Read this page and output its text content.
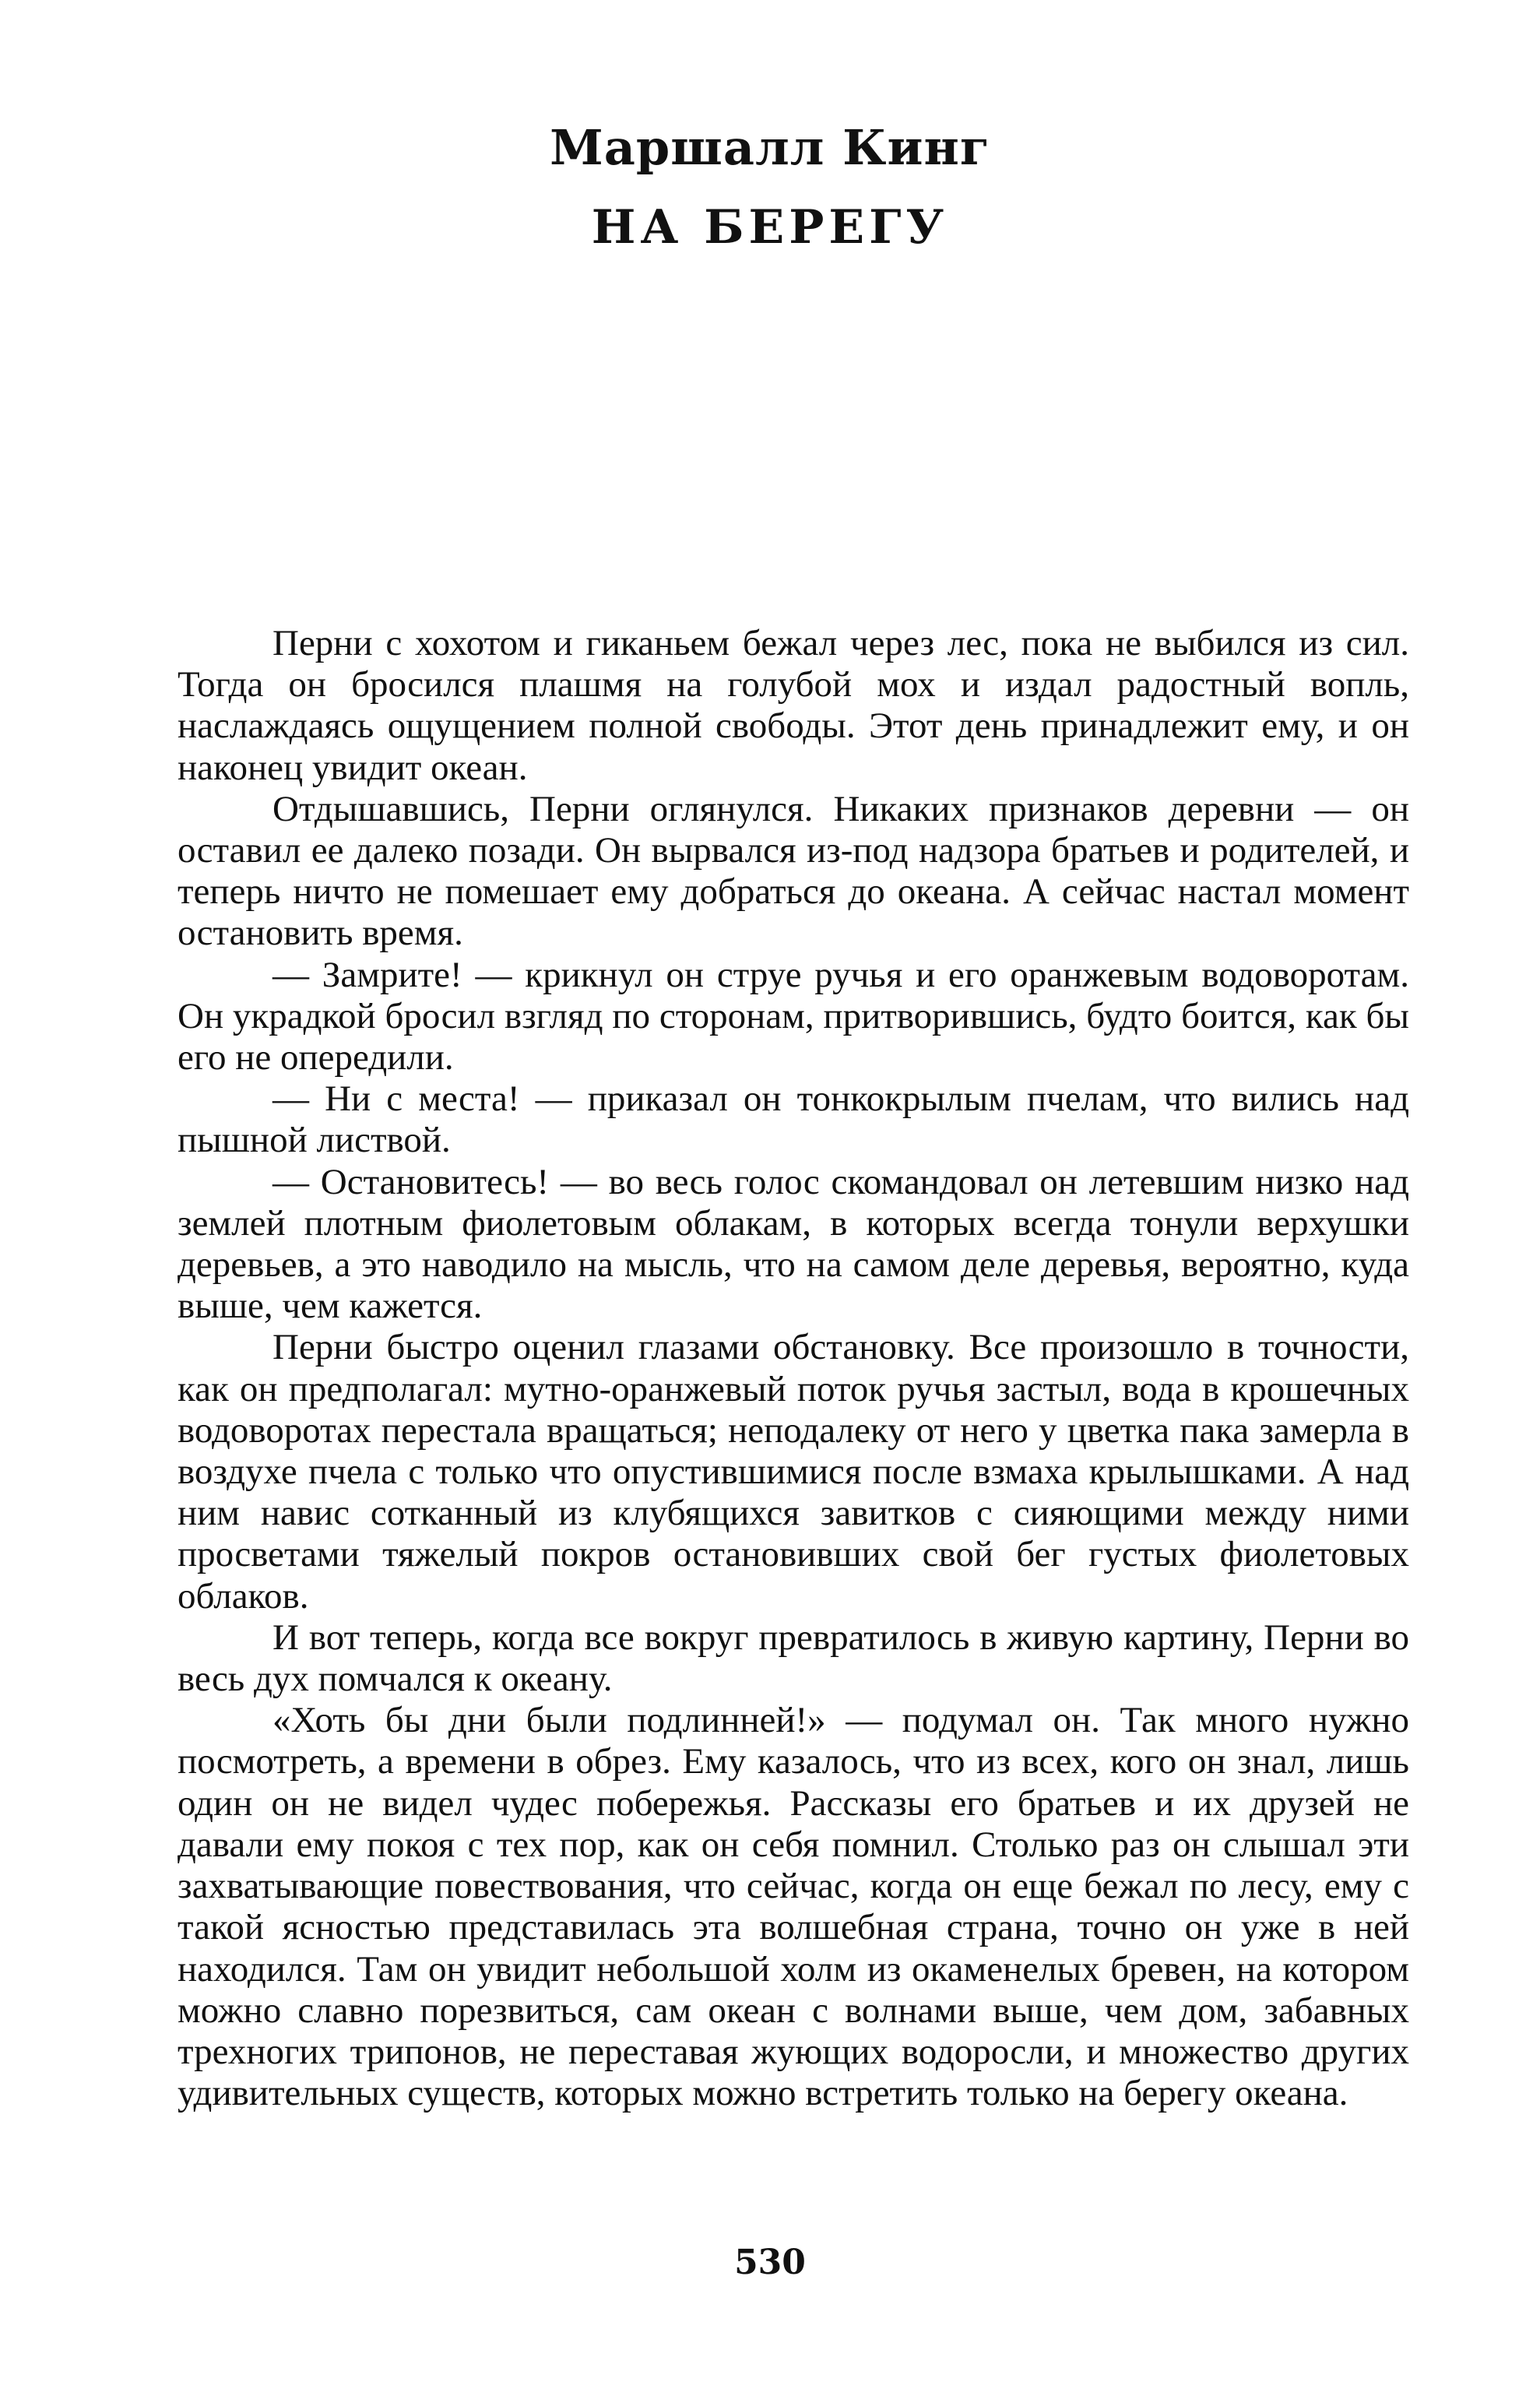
Маршалл Кинг
НА БЕРЕГУ

Перни с хохотом и гиканьем бежал через лес, пока не выбился из сил. Тогда он бросился плашмя на голубой мох и издал радостный вопль, наслаждаясь ощущением полной свободы. Этот день принадлежит ему, и он наконец увидит океан.

Отдышавшись, Перни оглянулся. Никаких признаков деревни — он оставил ее далеко позади. Он вырвался из-под надзора братьев и родителей, и теперь ничто не помешает ему добраться до океана. А сейчас настал момент остановить время.

— Замрите! — крикнул он струе ручья и его оранжевым водоворотам. Он украдкой бросил взгляд по сторонам, притворившись, будто боится, как бы его не опередили.

— Ни с места! — приказал он тонкокрылым пчелам, что вились над пышной листвой.

— Остановитесь! — во весь голос скомандовал он летевшим низко над землей плотным фиолетовым облакам, в которых всегда тонули верхушки деревьев, а это наводило на мысль, что на самом деле деревья, вероятно, куда выше, чем кажется.

Перни быстро оценил глазами обстановку. Все произошло в точности, как он предполагал: мутно-оранжевый поток ручья застыл, вода в крошечных водоворотах перестала вращаться; неподалеку от него у цветка пака замерла в воздухе пчела с только что опустившимися после взмаха крылышками. А над ним навис сотканный из клубящихся завитков с сияющими между ними просветами тяжелый покров остановивших свой бег густых фиолетовых облаков.

И вот теперь, когда все вокруг превратилось в живую картину, Перни во весь дух помчался к океану.

«Хоть бы дни были подлинней!» — подумал он. Так много нужно посмотреть, а времени в обрез. Ему казалось, что из всех, кого он знал, лишь один он не видел чудес побережья. Рассказы его братьев и их друзей не давали ему покоя с тех пор, как он себя помнил. Столько раз он слышал эти захватывающие повествования, что сейчас, когда он еще бежал по лесу, ему с такой ясностью представилась эта волшебная страна, точно он уже в ней находился. Там он увидит небольшой холм из окаменелых бревен, на котором можно славно порезвиться, сам океан с волнами выше, чем дом, забавных трехногих трипонов, не переставая жующих водоросли, и множество других удивительных существ, которых можно встретить только на берегу океана.

530
